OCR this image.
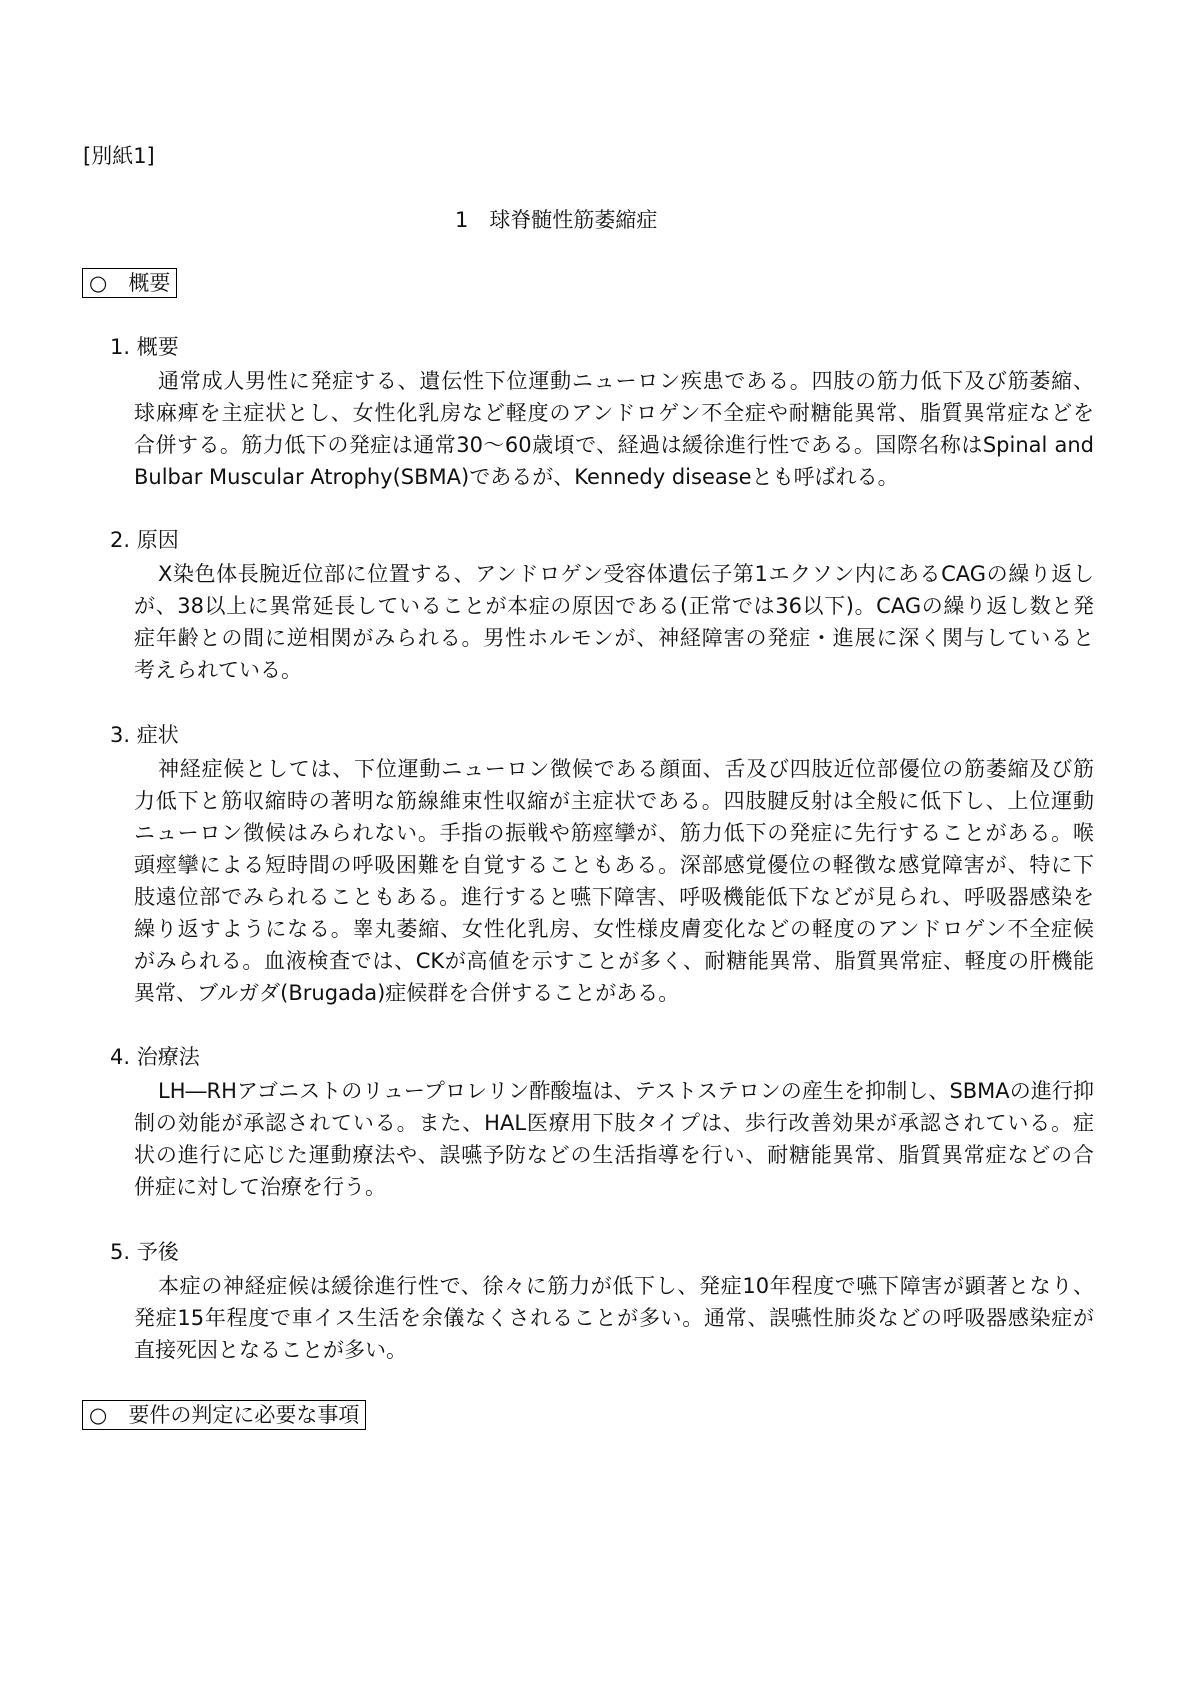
[別紙1]
1　球脊髄性筋萎縮症
○　概要
1. 概要
通常成人男性に発症する、遺伝性下位運動ニューロン疾患である。四肢の筋力低下及び筋萎縮、
球麻痺を主症状とし、女性化乳房など軽度のアンドロゲン不全症や耐糖能異常、脂質異常症などを
合併する。筋力低下の発症は通常30～60歳頃で、経過は緩徐進行性である。国際名称はSpinal and
Bulbar Muscular Atrophy(SBMA)であるが、Kennedy diseaseとも呼ばれる。
2. 原因
X染色体長腕近位部に位置する、アンドロゲン受容体遺伝子第1エクソン内にあるCAGの繰り返し
が、38以上に異常延長していることが本症の原因である(正常では36以下)。CAGの繰り返し数と発
症年齢との間に逆相関がみられる。男性ホルモンが、神経障害の発症・進展に深く関与していると
考えられている。
3. 症状
神経症候としては、下位運動ニューロン徴候である顔面、舌及び四肢近位部優位の筋萎縮及び筋
力低下と筋収縮時の著明な筋線維束性収縮が主症状である。四肢腱反射は全般に低下し、上位運動
ニューロン徴候はみられない。手指の振戦や筋痙攣が、筋力低下の発症に先行することがある。喉
頭痙攣による短時間の呼吸困難を自覚することもある。深部感覚優位の軽徴な感覚障害が、特に下
肢遠位部でみられることもある。進行すると嚥下障害、呼吸機能低下などが見られ、呼吸器感染を
繰り返すようになる。睾丸萎縮、女性化乳房、女性様皮膚変化などの軽度のアンドロゲン不全症候
がみられる。血液検査では、CKが高値を示すことが多く、耐糖能異常、脂質異常症、軽度の肝機能
異常、ブルガダ(Brugada)症候群を合併することがある。
4. 治療法
LH―RHアゴニストのリュープロレリン酢酸塩は、テストステロンの産生を抑制し、SBMAの進行抑
制の効能が承認されている。また、HAL医療用下肢タイプは、歩行改善効果が承認されている。症
状の進行に応じた運動療法や、誤嚥予防などの生活指導を行い、耐糖能異常、脂質異常症などの合
併症に対して治療を行う。
5. 予後
本症の神経症候は緩徐進行性で、徐々に筋力が低下し、発症10年程度で嚥下障害が顕著となり、
発症15年程度で車イス生活を余儀なくされることが多い。通常、誤嚥性肺炎などの呼吸器感染症が
直接死因となることが多い。
○　要件の判定に必要な事項
